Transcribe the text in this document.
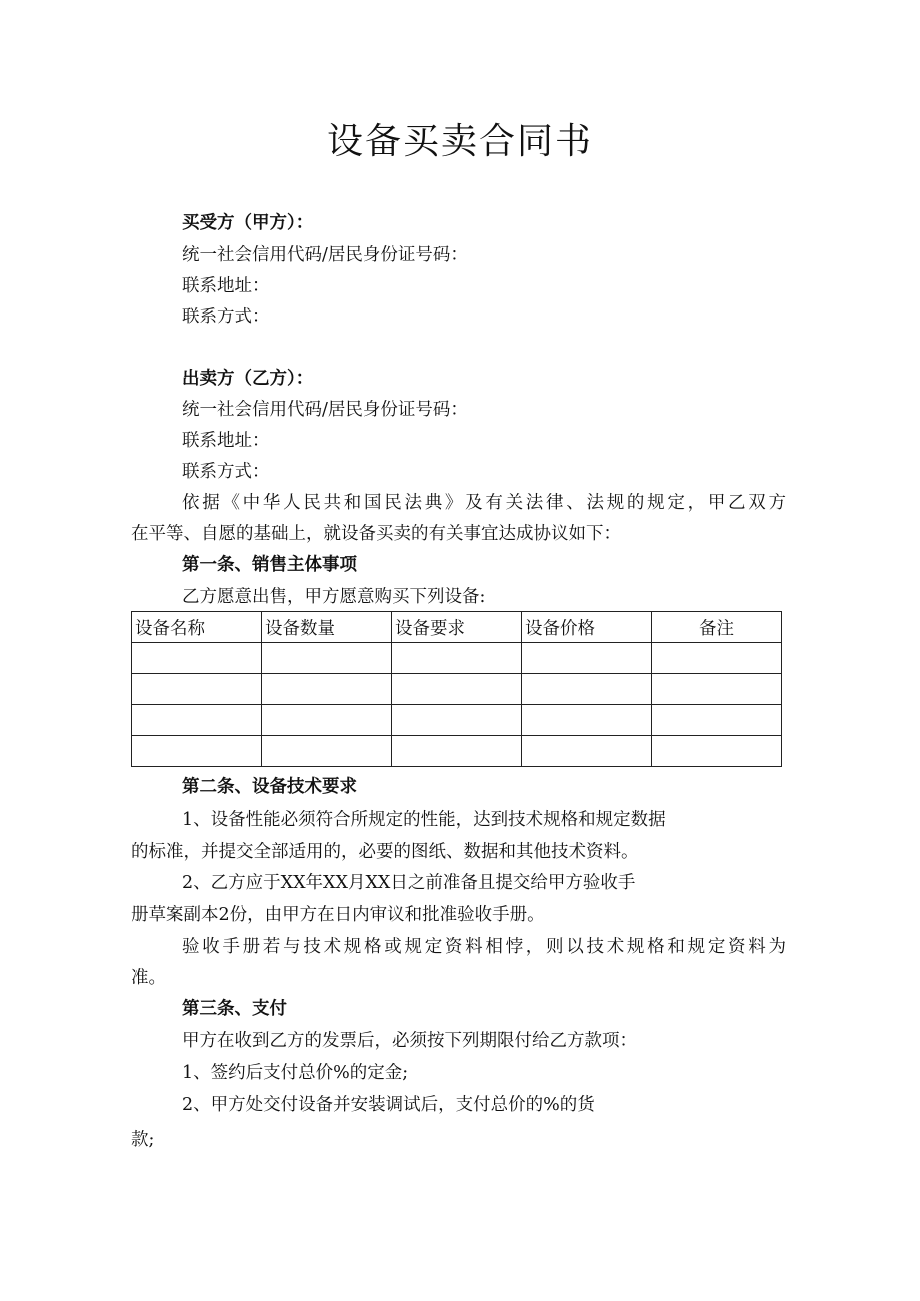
设备买卖合同书
买受方（甲方）：
统一社会信用代码/居民身份证号码：
联系地址：
联系方式：
出卖方（乙方）：
统一社会信用代码/居民身份证号码：
联系地址：
联系方式：
依据《中华人民共和国民法典》及有关法律、法规的规定，甲乙双方
在平等、自愿的基础上，就设备买卖的有关事宜达成协议如下：
第一条、销售主体事项
乙方愿意出售，甲方愿意购买下列设备:
设备名称	设备数量	设备要求	设备价格	备注

第二条、设备技术要求
1、设备性能必须符合所规定的性能，达到技术规格和规定数据
的标准，并提交全部适用的，必要的图纸、数据和其他技术资料。
2、乙方应于XX年XX月XX日之前准备且提交给甲方验收手
册草案副本2份，由甲方在日内审议和批准验收手册。
验收手册若与技术规格或规定资料相悖，则以技术规格和规定资料为
准。
第三条、支付
甲方在收到乙方的发票后，必须按下列期限付给乙方款项：
1、签约后支付总价%的定金;
2、甲方处交付设备并安装调试后，支付总价的%的货
款;
